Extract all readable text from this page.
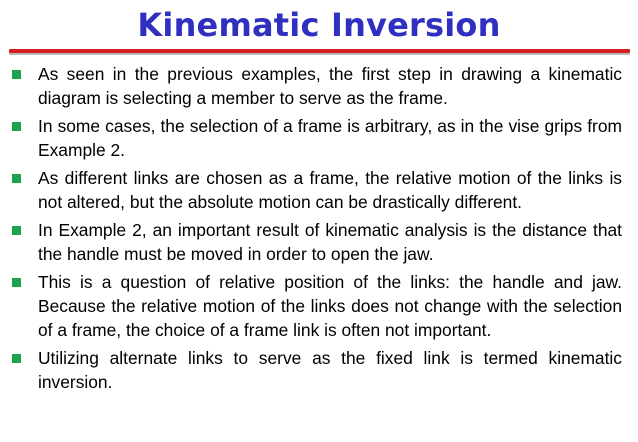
Kinematic Inversion
As seen in the previous examples, the first step in drawing a kinematic diagram is selecting a member to serve as the frame.
In some cases, the selection of a frame is arbitrary, as in the vise grips from Example 2.
As different links are chosen as a frame, the relative motion of the links is not altered, but the absolute motion can be drastically different.
In Example 2, an important result of kinematic analysis is the distance that the handle must be moved in order to open the jaw.
This is a question of relative position of the links: the handle and jaw. Because the relative motion of the links does not change with the selection of a frame, the choice of a frame link is often not important.
Utilizing alternate links to serve as the fixed link is termed kinematic inversion.
